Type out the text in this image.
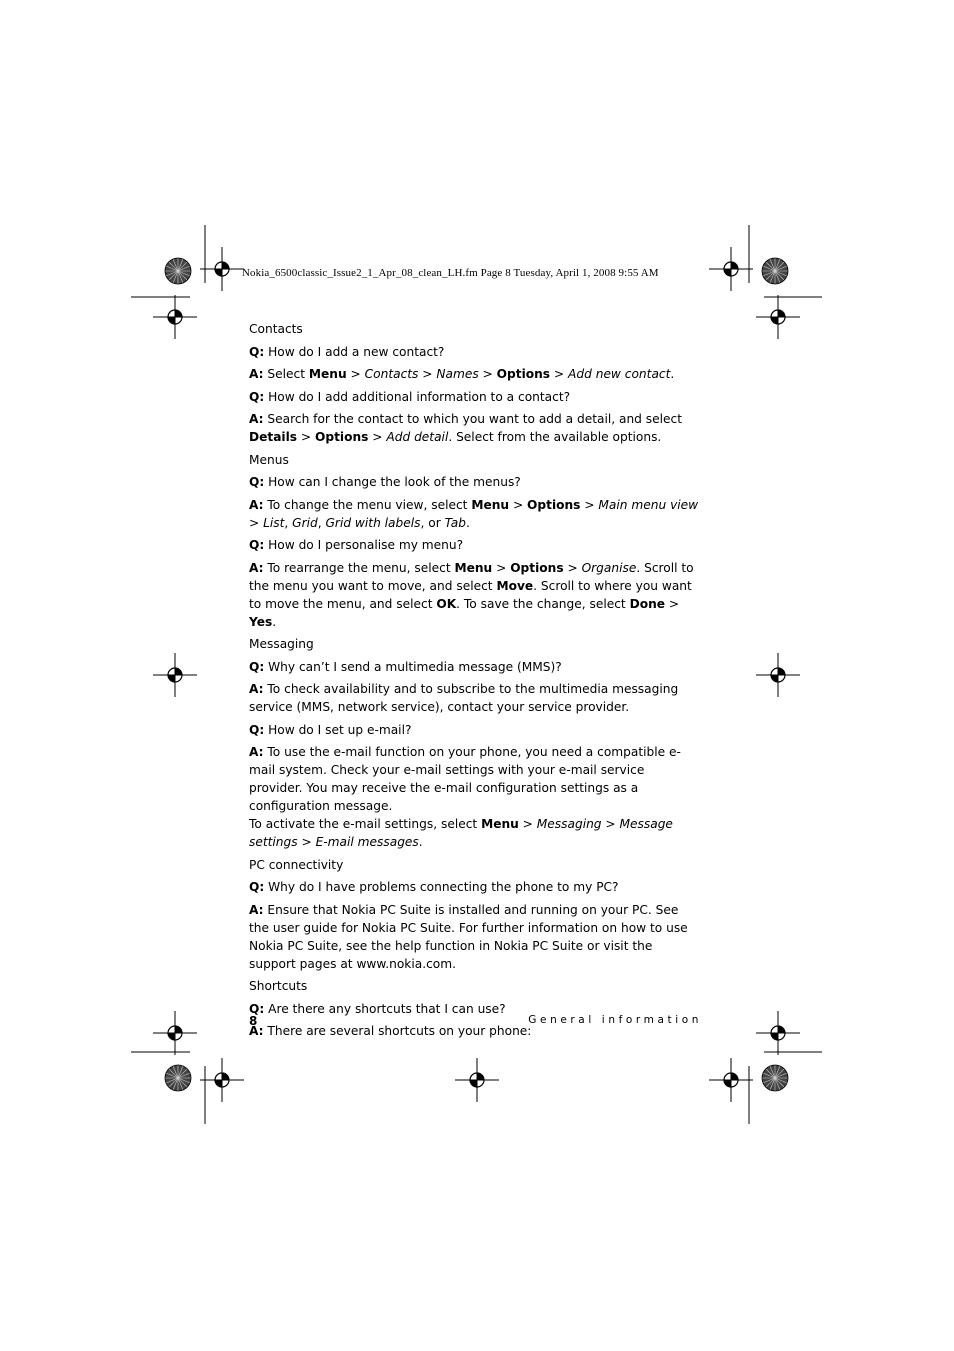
Nokia_6500classic_Issue2_1_Apr_08_clean_LH.fm Page 8 Tuesday, April 1, 2008 9:55 AM

Contacts

Q: How do I add a new contact?

A: Select Menu > Contacts > Names > Options > Add new contact.

Q: How do I add additional information to a contact?

A: Search for the contact to which you want to add a detail, and select Details > Options > Add detail. Select from the available options.

Menus

Q: How can I change the look of the menus?

A: To change the menu view, select Menu > Options > Main menu view > List, Grid, Grid with labels, or Tab.

Q: How do I personalise my menu?

A: To rearrange the menu, select Menu > Options > Organise. Scroll to the menu you want to move, and select Move. Scroll to where you want to move the menu, and select OK. To save the change, select Done > Yes.

Messaging

Q: Why can’t I send a multimedia message (MMS)?

A: To check availability and to subscribe to the multimedia messaging service (MMS, network service), contact your service provider.

Q: How do I set up e-mail?

A: To use the e-mail function on your phone, you need a compatible e-mail system. Check your e-mail settings with your e-mail service provider. You may receive the e-mail configuration settings as a configuration message.
To activate the e-mail settings, select Menu > Messaging > Message settings > E-mail messages.

PC connectivity

Q: Why do I have problems connecting the phone to my PC?

A: Ensure that Nokia PC Suite is installed and running on your PC. See the user guide for Nokia PC Suite. For further information on how to use Nokia PC Suite, see the help function in Nokia PC Suite or visit the support pages at www.nokia.com.

Shortcuts

Q: Are there any shortcuts that I can use?

A: There are several shortcuts on your phone:

8	General information
